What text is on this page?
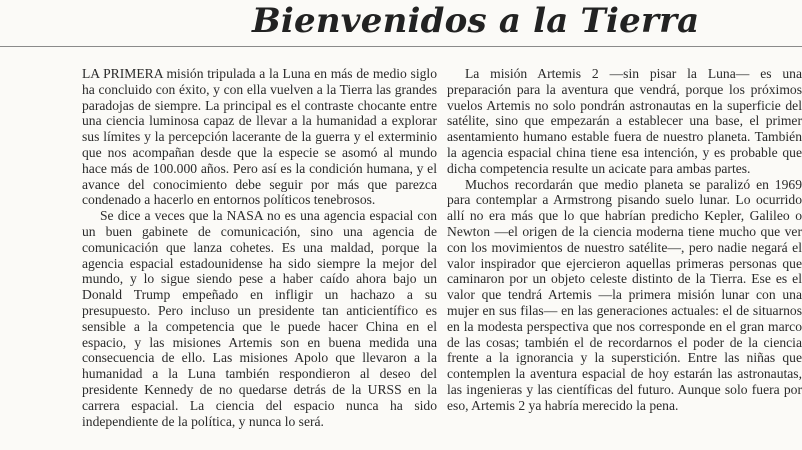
Bienvenidos a la Tierra

LA PRIMERA misión tripulada a la Luna en más de medio siglo ha concluido con éxito, y con ella vuelven a la Tierra las grandes paradojas de siempre. La principal es el contraste chocante entre una ciencia luminosa capaz de llevar a la humanidad a explorar sus límites y la percepción lacerante de la guerra y el exterminio que nos acompañan desde que la especie se asomó al mundo hace más de 100.000 años. Pero así es la condición humana, y el avance del conocimiento debe seguir por más que parezca condenado a hacerlo en entornos políticos tenebrosos.

Se dice a veces que la NASA no es una agencia espacial con un buen gabinete de comunicación, sino una agencia de comunicación que lanza cohetes. Es una maldad, porque la agencia espacial estadounidense ha sido siempre la mejor del mundo, y lo sigue siendo pese a haber caído ahora bajo un Donald Trump empeñado en infligir un hachazo a su presupuesto. Pero incluso un presidente tan anticientífico es sensible a la competencia que le puede hacer China en el espacio, y las misiones Artemis son en buena medida una consecuencia de ello. Las misiones Apolo que llevaron a la humanidad a la Luna también respondieron al deseo del presidente Kennedy de no quedarse detrás de la URSS en la carrera espacial. La ciencia del espacio nunca ha sido independiente de la política, y nunca lo será.

La misión Artemis 2 —sin pisar la Luna— es una preparación para la aventura que vendrá, porque los próximos vuelos Artemis no solo pondrán astronautas en la superficie del satélite, sino que empezarán a establecer una base, el primer asentamiento humano estable fuera de nuestro planeta. También la agencia espacial china tiene esa intención, y es probable que dicha competencia resulte un acicate para ambas partes.

Muchos recordarán que medio planeta se paralizó en 1969 para contemplar a Armstrong pisando suelo lunar. Lo ocurrido allí no era más que lo que habrían predicho Kepler, Galileo o Newton —el origen de la ciencia moderna tiene mucho que ver con los movimientos de nuestro satélite—, pero nadie negará el valor inspirador que ejercieron aquellas primeras personas que caminaron por un objeto celeste distinto de la Tierra. Ese es el valor que tendrá Artemis —la primera misión lunar con una mujer en sus filas— en las generaciones actuales: el de situarnos en la modesta perspectiva que nos corresponde en el gran marco de las cosas; también el de recordarnos el poder de la ciencia frente a la ignorancia y la superstición. Entre las niñas que contemplen la aventura espacial de hoy estarán las astronautas, las ingenieras y las científicas del futuro. Aunque solo fuera por eso, Artemis 2 ya habría merecido la pena.
